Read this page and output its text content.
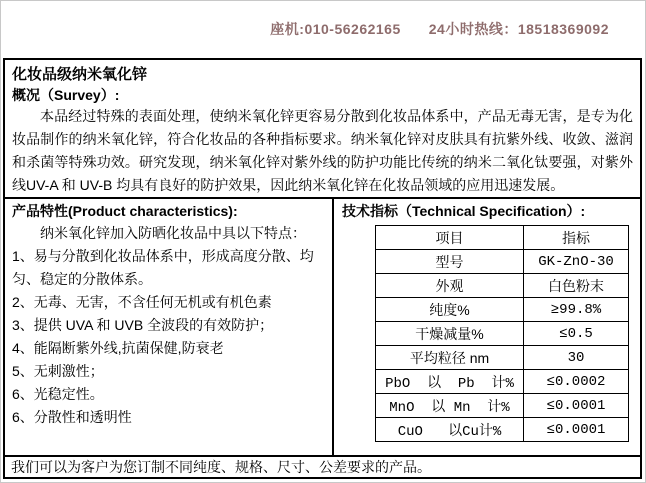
座机:010-56262165 24小时热线：18518369092
化妆品级纳米氧化锌
概况（Survey）:
本品经过特殊的表面处理，使纳米氧化锌更容易分散到化妆品体系中，产品无毒无害，是专为化妆品制作的纳米氧化锌，符合化妆品的各种指标要求。纳米氧化锌对皮肤具有抗紫外线、收敛、滋润和杀菌等特殊功效。研究发现，纳米氧化锌对紫外线的防护功能比传统的纳米二氧化钛要强，对紫外线UV-A 和 UV-B 均具有良好的防护效果，因此纳米氧化锌在化妆品领域的应用迅速发展。
产品特性(Product characteristics):
纳米氧化锌加入防晒化妆品中具以下特点：
1、易与分散到化妆品体系中，形成高度分散、均匀、稳定的分散体系。
2、无毒、无害，不含任何无机或有机色素
3、提供 UVA 和 UVB 全波段的有效防护；
4、能隔断紫外线,抗菌保健,防衰老
5、无刺激性；
6、光稳定性。
6、分散性和透明性
技术指标（Technical Specification）:
项目	指标
型号	GK-ZnO-30
外观	白色粉末
纯度%	≥99.8%
干燥减量%	≤0.5
平均粒径 nm	30
PbO  以  Pb  计%	≤0.0002
MnO  以 Mn  计%	≤0.0001
CuO   以Cu计%	≤0.0001
我们可以为客户为您订制不同纯度、规格、尺寸、公差要求的产品。
